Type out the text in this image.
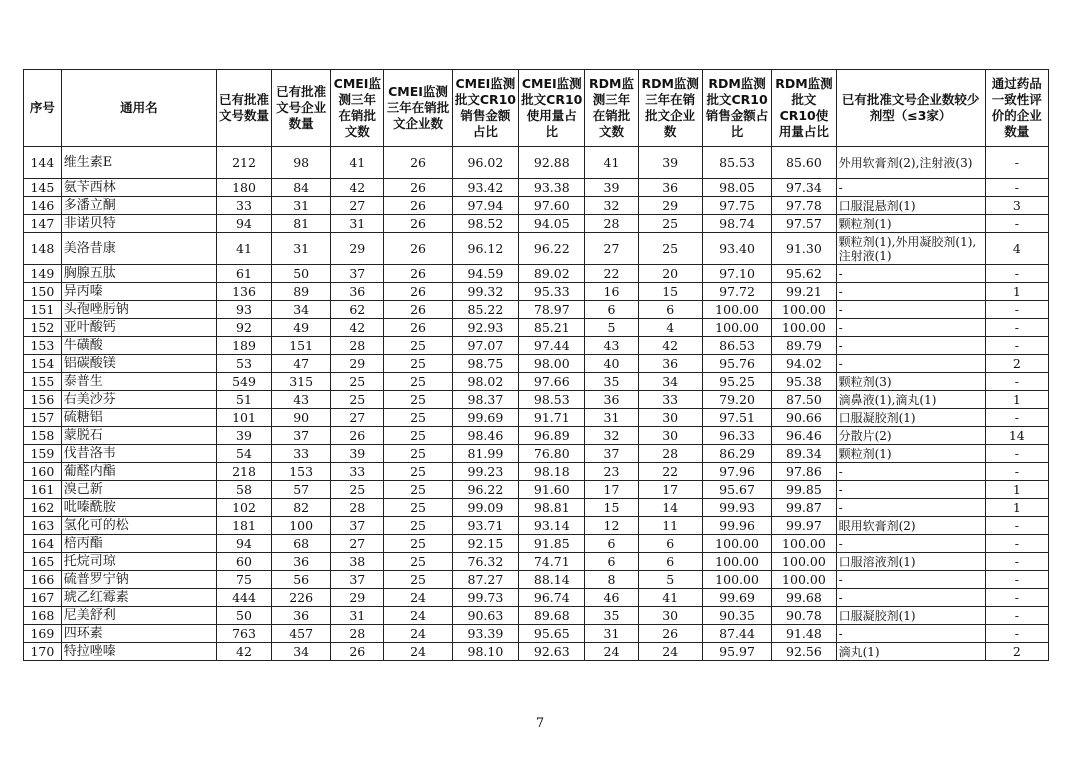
序号	通用名	已有批准文号数量	已有批准文号企业数量	CMEI监测三年在销批文数	CMEI监测三年在销批文企业数	CMEI监测批文CR10销售金额占比	CMEI监测批文CR10使用量占比	RDM监测三年在销批文数	RDM监测三年在销批文企业数	RDM监测批文CR10销售金额占比	RDM监测批文CR10使用量占比	已有批准文号企业数较少剂型（≤3家）	通过药品一致性评价的企业数量
144	维生素E	212	98	41	26	96.02	92.88	41	39	85.53	85.60	外用软膏剂(2),注射液(3)	-
145	氨苄西林	180	84	42	26	93.42	93.38	39	36	98.05	97.34	-	-
146	多潘立酮	33	31	27	26	97.94	97.60	32	29	97.75	97.78	口服混悬剂(1)	3
147	非诺贝特	94	81	31	26	98.52	94.05	28	25	98.74	97.57	颗粒剂(1)	-
148	美洛昔康	41	31	29	26	96.12	96.22	27	25	93.40	91.30	颗粒剂(1),外用凝胶剂(1),注射液(1)	4
149	胸腺五肽	61	50	37	26	94.59	89.02	22	20	97.10	95.62	-	-
150	异丙嗪	136	89	36	26	99.32	95.33	16	15	97.72	99.21	-	1
151	头孢唑肟钠	93	34	62	26	85.22	78.97	6	6	100.00	100.00	-	-
152	亚叶酸钙	92	49	42	26	92.93	85.21	5	4	100.00	100.00	-	-
153	牛磺酸	189	151	28	25	97.07	97.44	43	42	86.53	89.79	-	-
154	铝碳酸镁	53	47	29	25	98.75	98.00	40	36	95.76	94.02	-	2
155	泰普生	549	315	25	25	98.02	97.66	35	34	95.25	95.38	颗粒剂(3)	-
156	右美沙芬	51	43	25	25	98.37	98.53	36	33	79.20	87.50	滴鼻液(1),滴丸(1)	1
157	硫糖铝	101	90	27	25	99.69	91.71	31	30	97.51	90.66	口服凝胶剂(1)	-
158	蒙脱石	39	37	26	25	98.46	96.89	32	30	96.33	96.46	分散片(2)	14
159	伐昔洛韦	54	33	39	25	81.99	76.80	37	28	86.29	89.34	颗粒剂(1)	-
160	葡醛内酯	218	153	33	25	99.23	98.18	23	22	97.96	97.86	-	-
161	溴己新	58	57	25	25	96.22	91.60	17	17	95.67	99.85	-	1
162	吡嗪酰胺	102	82	28	25	99.09	98.81	15	14	99.93	99.87	-	1
163	氢化可的松	181	100	37	25	93.71	93.14	12	11	99.96	99.97	眼用软膏剂(2)	-
164	棓丙酯	94	68	27	25	92.15	91.85	6	6	100.00	100.00	-	-
165	托烷司琼	60	36	38	25	76.32	74.71	6	6	100.00	100.00	口服溶液剂(1)	-
166	硫普罗宁钠	75	56	37	25	87.27	88.14	8	5	100.00	100.00	-	-
167	琥乙红霉素	444	226	29	24	99.73	96.74	46	41	99.69	99.68	-	-
168	尼美舒利	50	36	31	24	90.63	89.68	35	30	90.35	90.78	口服凝胶剂(1)	-
169	四环素	763	457	28	24	93.39	95.65	31	26	87.44	91.48	-	-
170	特拉唑嗪	42	34	26	24	98.10	92.63	24	24	95.97	92.56	滴丸(1)	2
7
